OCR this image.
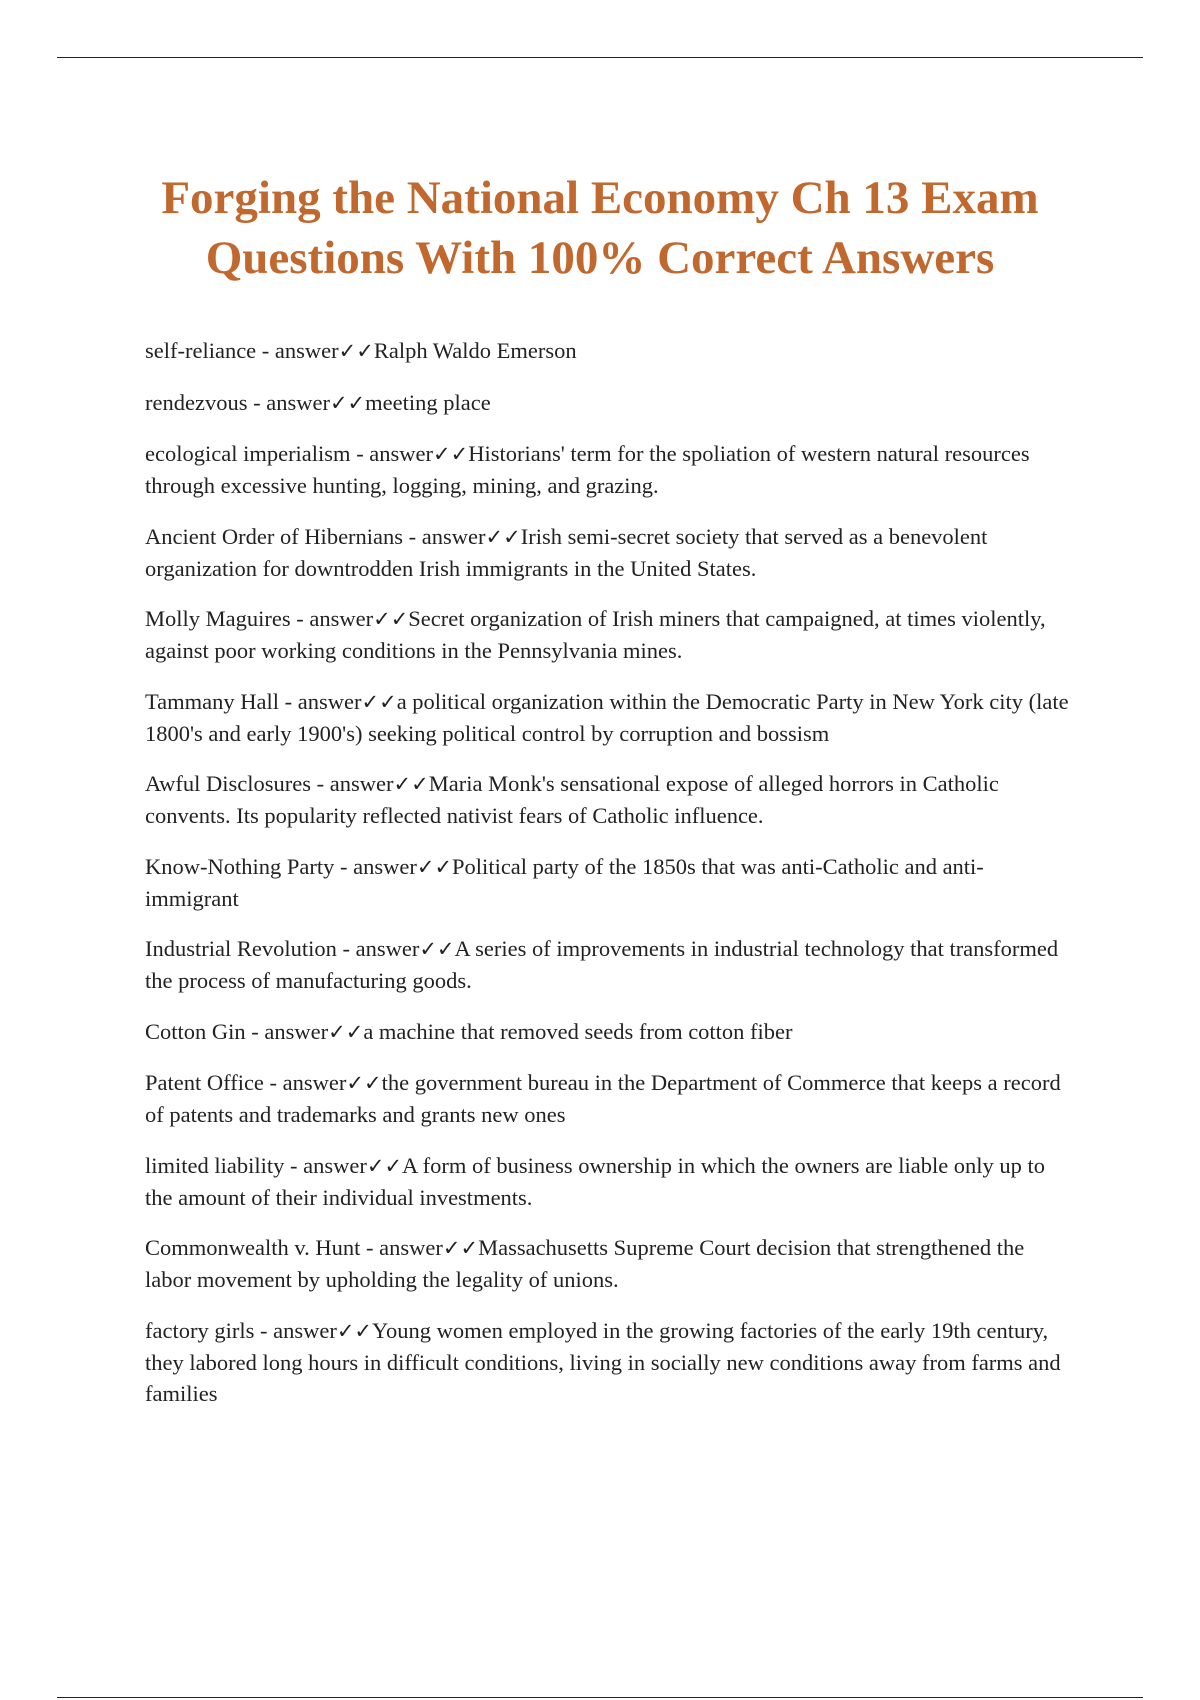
Forging the National Economy Ch 13 Exam
Questions With 100% Correct Answers
self-reliance - answer✓✓Ralph Waldo Emerson
rendezvous - answer✓✓meeting place
ecological imperialism - answer✓✓Historians' term for the spoliation of western natural resources through excessive hunting, logging, mining, and grazing.
Ancient Order of Hibernians - answer✓✓Irish semi-secret society that served as a benevolent organization for downtrodden Irish immigrants in the United States.
Molly Maguires - answer✓✓Secret organization of Irish miners that campaigned, at times violently, against poor working conditions in the Pennsylvania mines.
Tammany Hall - answer✓✓a political organization within the Democratic Party in New York city (late 1800's and early 1900's) seeking political control by corruption and bossism
Awful Disclosures - answer✓✓Maria Monk's sensational expose of alleged horrors in Catholic convents. Its popularity reflected nativist fears of Catholic influence.
Know-Nothing Party - answer✓✓Political party of the 1850s that was anti-Catholic and anti-immigrant
Industrial Revolution - answer✓✓A series of improvements in industrial technology that transformed the process of manufacturing goods.
Cotton Gin - answer✓✓a machine that removed seeds from cotton fiber
Patent Office - answer✓✓the government bureau in the Department of Commerce that keeps a record of patents and trademarks and grants new ones
limited liability - answer✓✓A form of business ownership in which the owners are liable only up to the amount of their individual investments.
Commonwealth v. Hunt - answer✓✓Massachusetts Supreme Court decision that strengthened the labor movement by upholding the legality of unions.
factory girls - answer✓✓Young women employed in the growing factories of the early 19th century, they labored long hours in difficult conditions, living in socially new conditions away from farms and families
